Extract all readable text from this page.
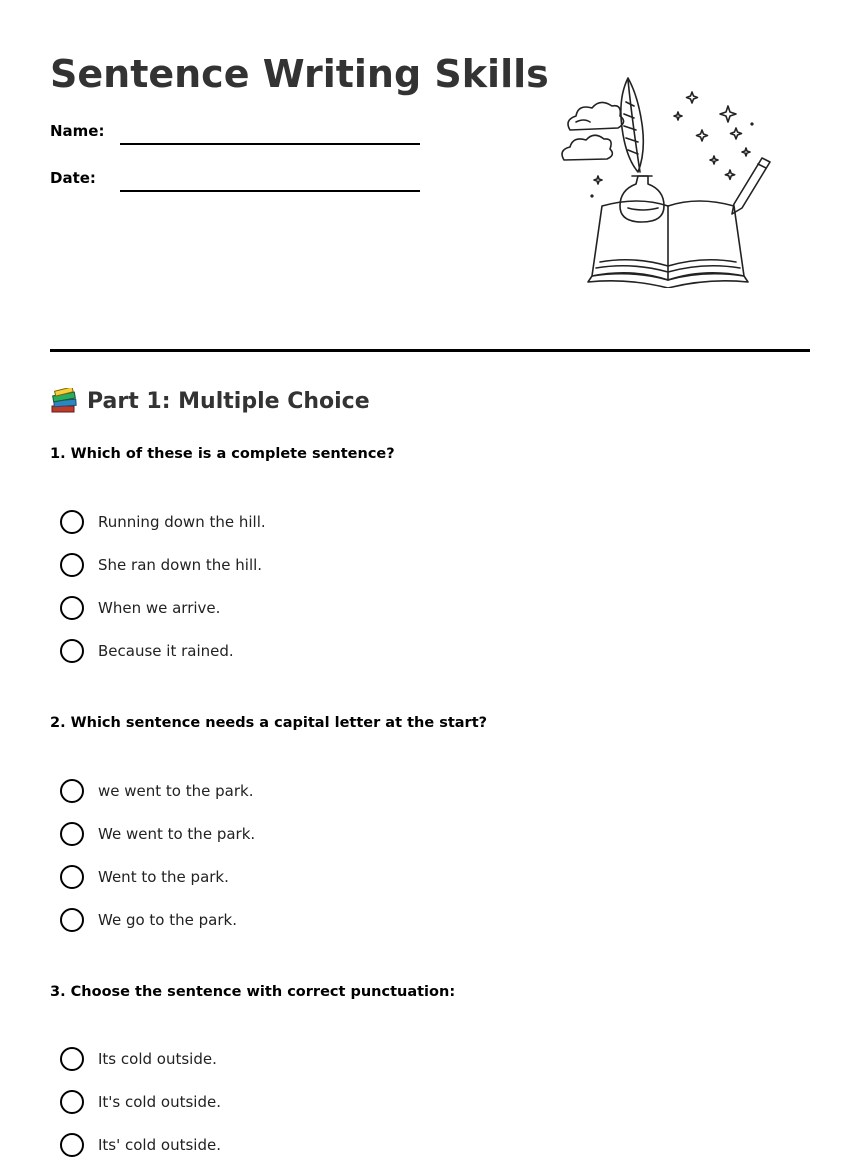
Sentence Writing Skills
Name:
Date:
Part 1: Multiple Choice

1. Which of these is a complete sentence?

Running down the hill.
She ran down the hill.
When we arrive.
Because it rained.

2. Which sentence needs a capital letter at the start?

we went to the park.
We went to the park.
Went to the park.
We go to the park.

3. Choose the sentence with correct punctuation:

Its cold outside.
It's cold outside.
Its' cold outside.
